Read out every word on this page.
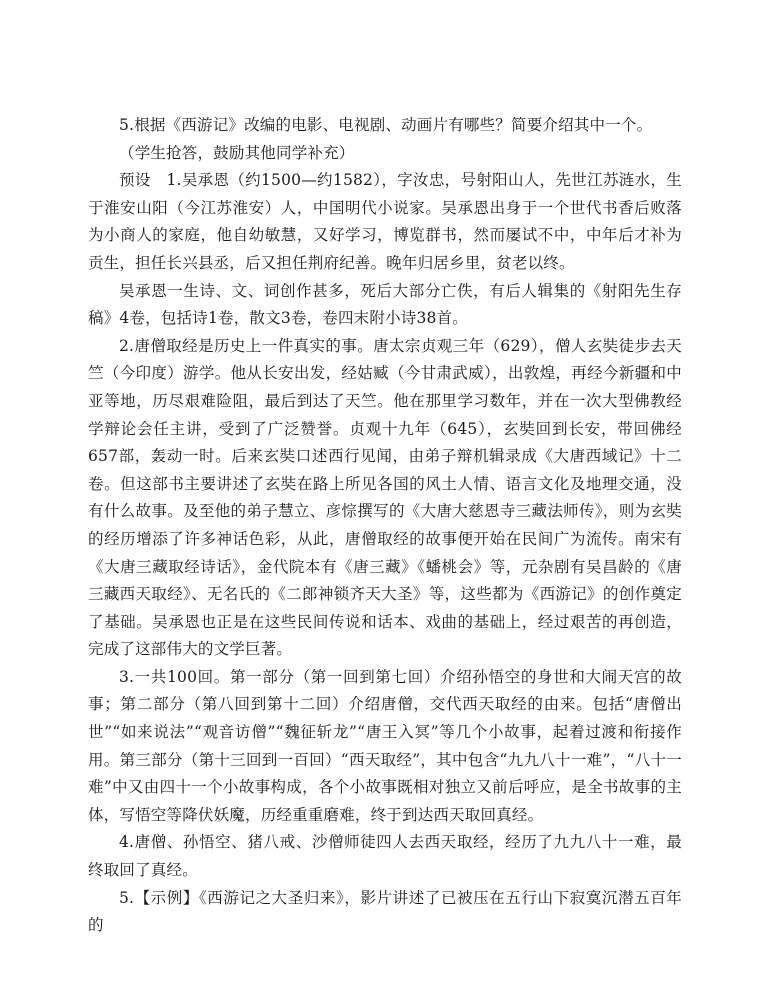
5.根据《西游记》改编的电影、电视剧、动画片有哪些？简要介绍其中一个。

（学生抢答，鼓励其他同学补充）

预设　1.吴承恩（约1500—约1582），字汝忠，号射阳山人，先世江苏涟水，生于淮安山阳（今江苏淮安）人，中国明代小说家。吴承恩出身于一个世代书香后败落为小商人的家庭，他自幼敏慧，又好学习，博览群书，然而屡试不中，中年后才补为贡生，担任长兴县丞，后又担任荆府纪善。晚年归居乡里，贫老以终。

吴承恩一生诗、文、词创作甚多，死后大部分亡佚，有后人辑集的《射阳先生存稿》4卷，包括诗1卷，散文3卷，卷四末附小诗38首。

2.唐僧取经是历史上一件真实的事。唐太宗贞观三年（629），僧人玄奘徒步去天竺（今印度）游学。他从长安出发，经姑臧（今甘肃武威），出敦煌，再经今新疆和中亚等地，历尽艰难险阻，最后到达了天竺。他在那里学习数年，并在一次大型佛教经学辩论会任主讲，受到了广泛赞誉。贞观十九年（645），玄奘回到长安，带回佛经657部，轰动一时。后来玄奘口述西行见闻，由弟子辩机辑录成《大唐西域记》十二卷。但这部书主要讲述了玄奘在路上所见各国的风土人情、语言文化及地理交通，没有什么故事。及至他的弟子慧立、彦悰撰写的《大唐大慈恩寺三藏法师传》，则为玄奘的经历增添了许多神话色彩，从此，唐僧取经的故事便开始在民间广为流传。南宋有《大唐三藏取经诗话》，金代院本有《唐三藏》《蟠桃会》等，元杂剧有吴昌龄的《唐三藏西天取经》、无名氏的《二郎神锁齐天大圣》等，这些都为《西游记》的创作奠定了基础。吴承恩也正是在这些民间传说和话本、戏曲的基础上，经过艰苦的再创造，完成了这部伟大的文学巨著。

3.一共100回。第一部分（第一回到第七回）介绍孙悟空的身世和大闹天宫的故事；第二部分（第八回到第十二回）介绍唐僧，交代西天取经的由来。包括“唐僧出世”“如来说法”“观音访僧”“魏征斩龙”“唐王入冥”等几个小故事，起着过渡和衔接作用。第三部分（第十三回到一百回）“西天取经”，其中包含“九九八十一难”，“八十一难”中又由四十一个小故事构成，各个小故事既相对独立又前后呼应，是全书故事的主体，写悟空等降伏妖魔，历经重重磨难，终于到达西天取回真经。

4.唐僧、孙悟空、猪八戒、沙僧师徒四人去西天取经，经历了九九八十一难，最终取回了真经。

5.【示例】《西游记之大圣归来》，影片讲述了已被压在五行山下寂寞沉潜五百年的
